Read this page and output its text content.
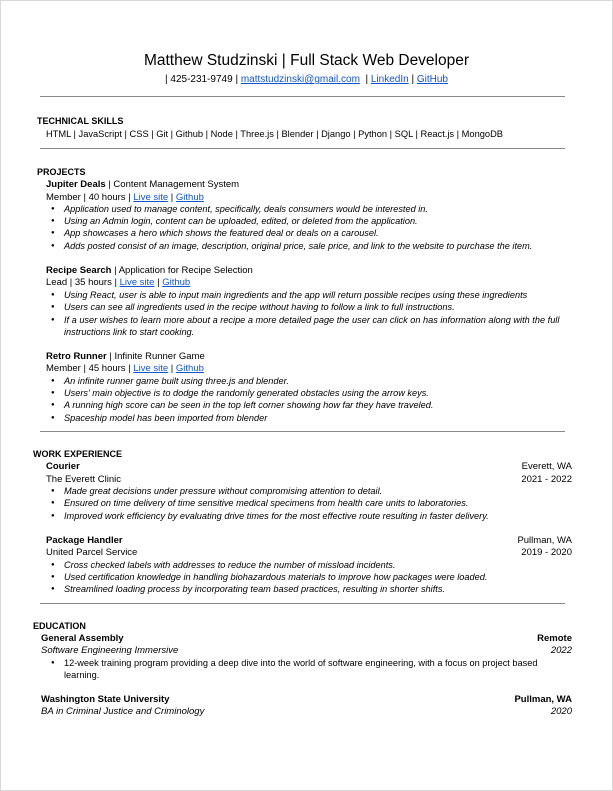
Matthew Studzinski | Full Stack Web Developer
| 425-231-9749 | mattstudzinski@gmail.com | LinkedIn | GitHub
TECHNICAL SKILLS
HTML | JavaScript | CSS | Git | Github | Node | Three.js | Blender | Django | Python | SQL | React.js | MongoDB
PROJECTS
Jupiter Deals | Content Management System
Member | 40 hours | Live site | Github
● Application used to manage content, specifically, deals consumers would be interested in.
● Using an Admin login, content can be uploaded, edited, or deleted from the application.
● App showcases a hero which shows the featured deal or deals on a carousel.
● Adds posted consist of an image, description, original price, sale price, and link to the website to purchase the item.
Recipe Search | Application for Recipe Selection
Lead | 35 hours | Live site | Github
● Using React, user is able to input main ingredients and the app will return possible recipes using these ingredients
● Users can see all ingredients used in the recipe without having to follow a link to full instructions.
● If a user wishes to learn more about a recipe a more detailed page the user can click on has information along with the full instructions link to start cooking.
Retro Runner | Infinite Runner Game
Member | 45 hours | Live site | Github
● An infinite runner game built using three.js and blender.
● Users' main objective is to dodge the randomly generated obstacles using the arrow keys.
● A running high score can be seen in the top left corner showing how far they have traveled.
● Spaceship model has been imported from blender
WORK EXPERIENCE
Courier	Everett, WA
The Everett Clinic	2021 - 2022
● Made great decisions under pressure without compromising attention to detail.
● Ensured on time delivery of time sensitive medical specimens from health care units to laboratories.
● Improved work efficiency by evaluating drive times for the most effective route resulting in faster delivery.
Package Handler	Pullman, WA
United Parcel Service	2019 - 2020
● Cross checked labels with addresses to reduce the number of missload incidents.
● Used certification knowledge in handling biohazardous materials to improve how packages were loaded.
● Streamlined loading process by incorporating team based practices, resulting in shorter shifts.
EDUCATION
General Assembly	Remote
Software Engineering Immersive	2022
● 12-week training program providing a deep dive into the world of software engineering, with a focus on project based learning.
Washington State University	Pullman, WA
BA in Criminal Justice and Criminology	2020
